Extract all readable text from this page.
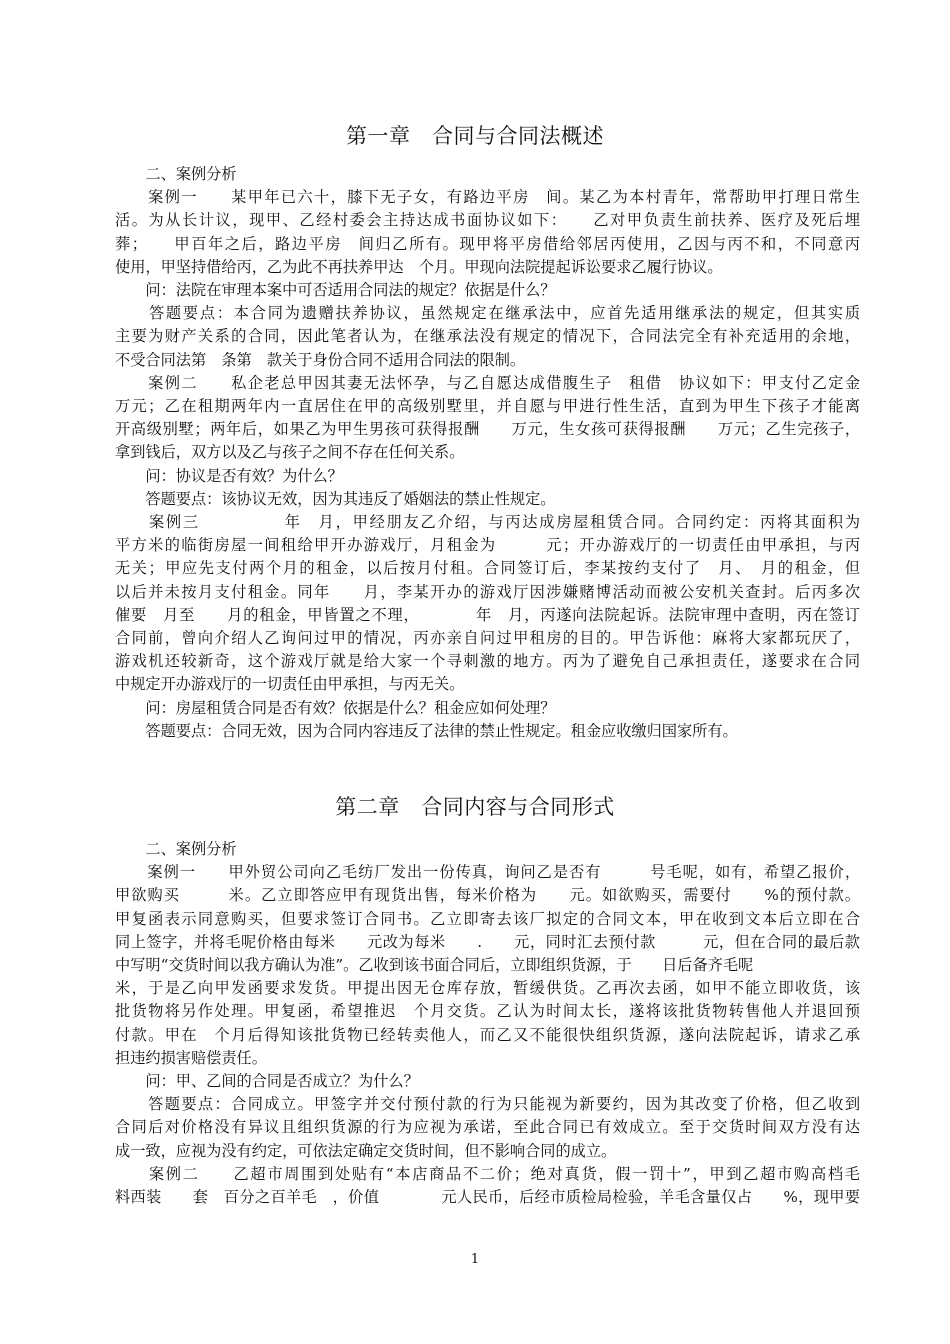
第一章　合同与合同法概述
　　二、案例分析
　　案例一　　某甲年已六十，膝下无子女，有路边平房　间。某乙为本村青年，常帮助甲打理日常生
活。为从长计议，现甲、乙经村委会主持达成书面协议如下：　　乙对甲负责生前扶养、医疗及死后埋
葬；　　甲百年之后，路边平房　间归乙所有。现甲将平房借给邻居丙使用，乙因与丙不和，不同意丙
使用，甲坚持借给丙，乙为此不再扶养甲达　个月。甲现向法院提起诉讼要求乙履行协议。
　　问：法院在审理本案中可否适用合同法的规定？依据是什么？
　　答题要点：本合同为遗赠扶养协议，虽然规定在继承法中，应首先适用继承法的规定，但其实质
主要为财产关系的合同，因此笔者认为，在继承法没有规定的情况下，合同法完全有补充适用的余地，
不受合同法第　条第　款关于身份合同不适用合同法的限制。
　　案例二　　私企老总甲因其妻无法怀孕，与乙自愿达成借腹生子　租借　协议如下：甲支付乙定金
万元；乙在租期两年内一直居住在甲的高级别墅里，并自愿与甲进行性生活，直到为甲生下孩子才能离
开高级别墅；两年后，如果乙为甲生男孩可获得报酬　　万元，生女孩可获得报酬　　万元；乙生完孩子，
拿到钱后，双方以及乙与孩子之间不存在任何关系。
　　问：协议是否有效？为什么？
　　答题要点：该协议无效，因为其违反了婚姻法的禁止性规定。
　　案例三　　　　　年　月，甲经朋友乙介绍，与丙达成房屋租赁合同。合同约定：丙将其面积为
平方米的临街房屋一间租给甲开办游戏厅，月租金为　　　元；开办游戏厅的一切责任由甲承担，与丙
无关；甲应先支付两个月的租金，以后按月付租。合同签订后，李某按约支付了　月、　月的租金，但
以后并未按月支付租金。同年　　月，李某开办的游戏厅因涉嫌赌博活动而被公安机关查封。后丙多次
催要　月至　　月的租金，甲皆置之不理，　　　　年　月，丙遂向法院起诉。法院审理中查明，丙在签订
合同前，曾向介绍人乙询问过甲的情况，丙亦亲自问过甲租房的目的。甲告诉他：麻将大家都玩厌了，
游戏机还较新奇，这个游戏厅就是给大家一个寻刺激的地方。丙为了避免自己承担责任，遂要求在合同
中规定开办游戏厅的一切责任由甲承担，与丙无关。
　　问：房屋租赁合同是否有效？依据是什么？租金应如何处理？
　　答题要点：合同无效，因为合同内容违反了法律的禁止性规定。租金应收缴归国家所有。
第二章　合同内容与合同形式
　　二、案例分析
　　案例一　　甲外贸公司向乙毛纺厂发出一份传真，询问乙是否有　　　号毛呢，如有，希望乙报价，
甲欲购买　　　米。乙立即答应甲有现货出售，每米价格为　　元。如欲购买，需要付　　%的预付款。
甲复函表示同意购买，但要求签订合同书。乙立即寄去该厂拟定的合同文本，甲在收到文本后立即在合
同上签字，并将毛呢价格由每米　　元改为每米　　.　　元，同时汇去预付款　　　元，但在合同的最后款
中写明“交货时间以我方确认为准”。乙收到该书面合同后，立即组织货源，于　　日后备齐毛呢
米，于是乙向甲发函要求发货。甲提出因无仓库存放，暂缓供货。乙再次去函，如甲不能立即收货，该
批货物将另作处理。甲复函，希望推迟　个月交货。乙认为时间太长，遂将该批货物转售他人并退回预
付款。甲在　个月后得知该批货物已经转卖他人，而乙又不能很快组织货源，遂向法院起诉，请求乙承
担违约损害赔偿责任。
　　问：甲、乙间的合同是否成立？为什么？
　　答题要点：合同成立。甲签字并交付预付款的行为只能视为新要约，因为其改变了价格，但乙收到
合同后对价格没有异议且组织货源的行为应视为承诺，至此合同已有效成立。至于交货时间双方没有达
成一致，应视为没有约定，可依法定确定交货时间，但不影响合同的成立。
　　案例二　　乙超市周围到处贴有“本店商品不二价；绝对真货，假一罚十”，甲到乙超市购高档毛
料西装　　套　百分之百羊毛　，价值　　　　元人民币，后经市质检局检验，羊毛含量仅占　　%，现甲要
1
